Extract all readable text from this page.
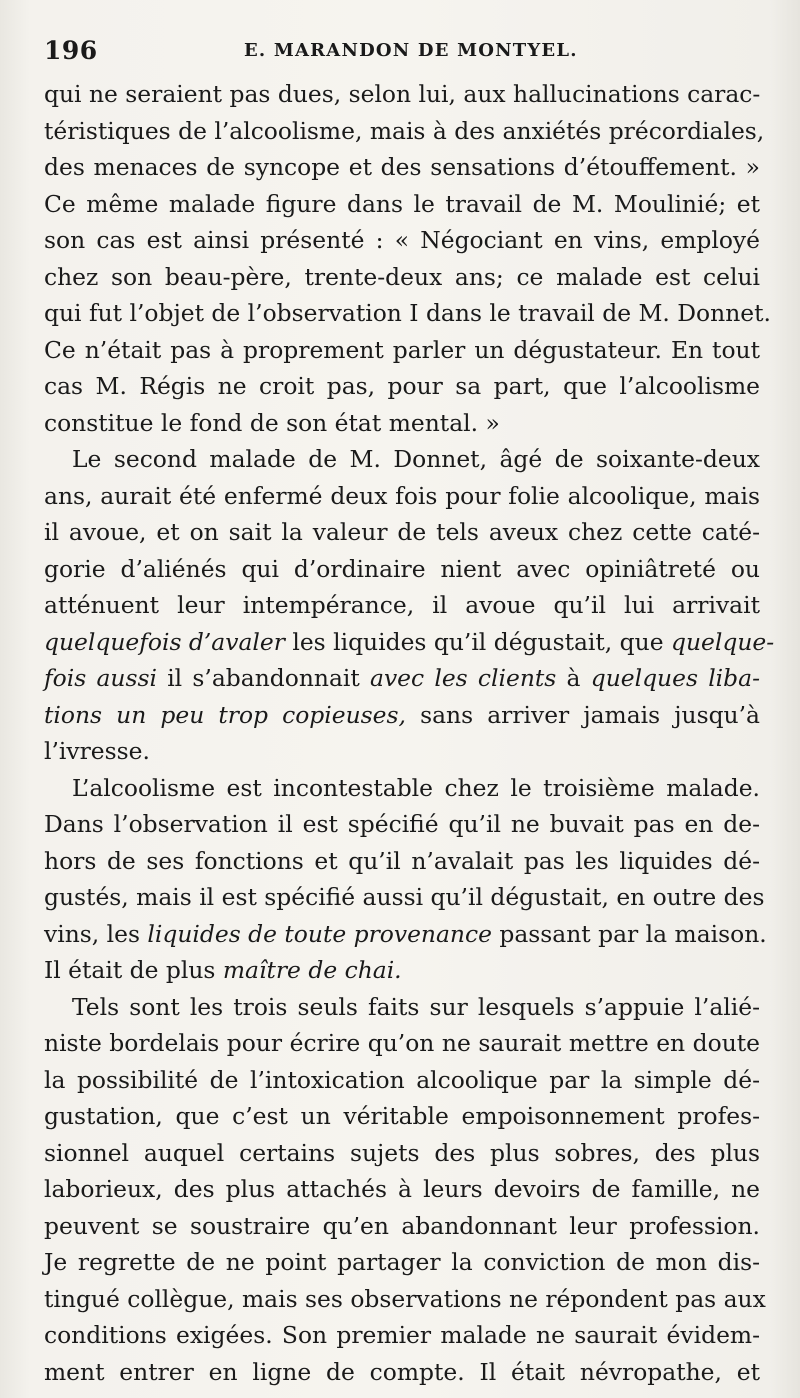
196	E. MARANDON DE MONTYEL.
qui ne seraient pas dues, selon lui, aux hallucinations carac-
téristiques de l’alcoolisme, mais à des anxiétés précordiales,
des menaces de syncope et des sensations d’étouffement. »
Ce même malade figure dans le travail de M. Moulinié; et
son cas est ainsi présenté : « Négociant en vins, employé
chez son beau-père, trente-deux ans; ce malade est celui
qui fut l’objet de l’observation I dans le travail de M. Donnet.
Ce n’était pas à proprement parler un dégustateur. En tout
cas M. Régis ne croit pas, pour sa part, que l’alcoolisme
constitue le fond de son état mental. »
Le second malade de M. Donnet, âgé de soixante-deux
ans, aurait été enfermé deux fois pour folie alcoolique, mais
il avoue, et on sait la valeur de tels aveux chez cette caté-
gorie d’aliénés qui d’ordinaire nient avec opiniâtreté ou
atténuent leur intempérance, il avoue qu’il lui arrivait
quelquefois d’avaler les liquides qu’il dégustait, que quelque-
fois aussi il s’abandonnait avec les clients à quelques liba-
tions un peu trop copieuses, sans arriver jamais jusqu’à
l’ivresse.
L’alcoolisme est incontestable chez le troisième malade.
Dans l’observation il est spécifié qu’il ne buvait pas en de-
hors de ses fonctions et qu’il n’avalait pas les liquides dé-
gustés, mais il est spécifié aussi qu’il dégustait, en outre des
vins, les liquides de toute provenance passant par la maison.
Il était de plus maître de chai.
Tels sont les trois seuls faits sur lesquels s’appuie l’alié-
niste bordelais pour écrire qu’on ne saurait mettre en doute
la possibilité de l’intoxication alcoolique par la simple dé-
gustation, que c’est un véritable empoisonnement profes-
sionnel auquel certains sujets des plus sobres, des plus
laborieux, des plus attachés à leurs devoirs de famille, ne
peuvent se soustraire qu’en abandonnant leur profession.
Je regrette de ne point partager la conviction de mon dis-
tingué collègue, mais ses observations ne répondent pas aux
conditions exigées. Son premier malade ne saurait évidem-
ment entrer en ligne de compte. Il était névropathe, et
